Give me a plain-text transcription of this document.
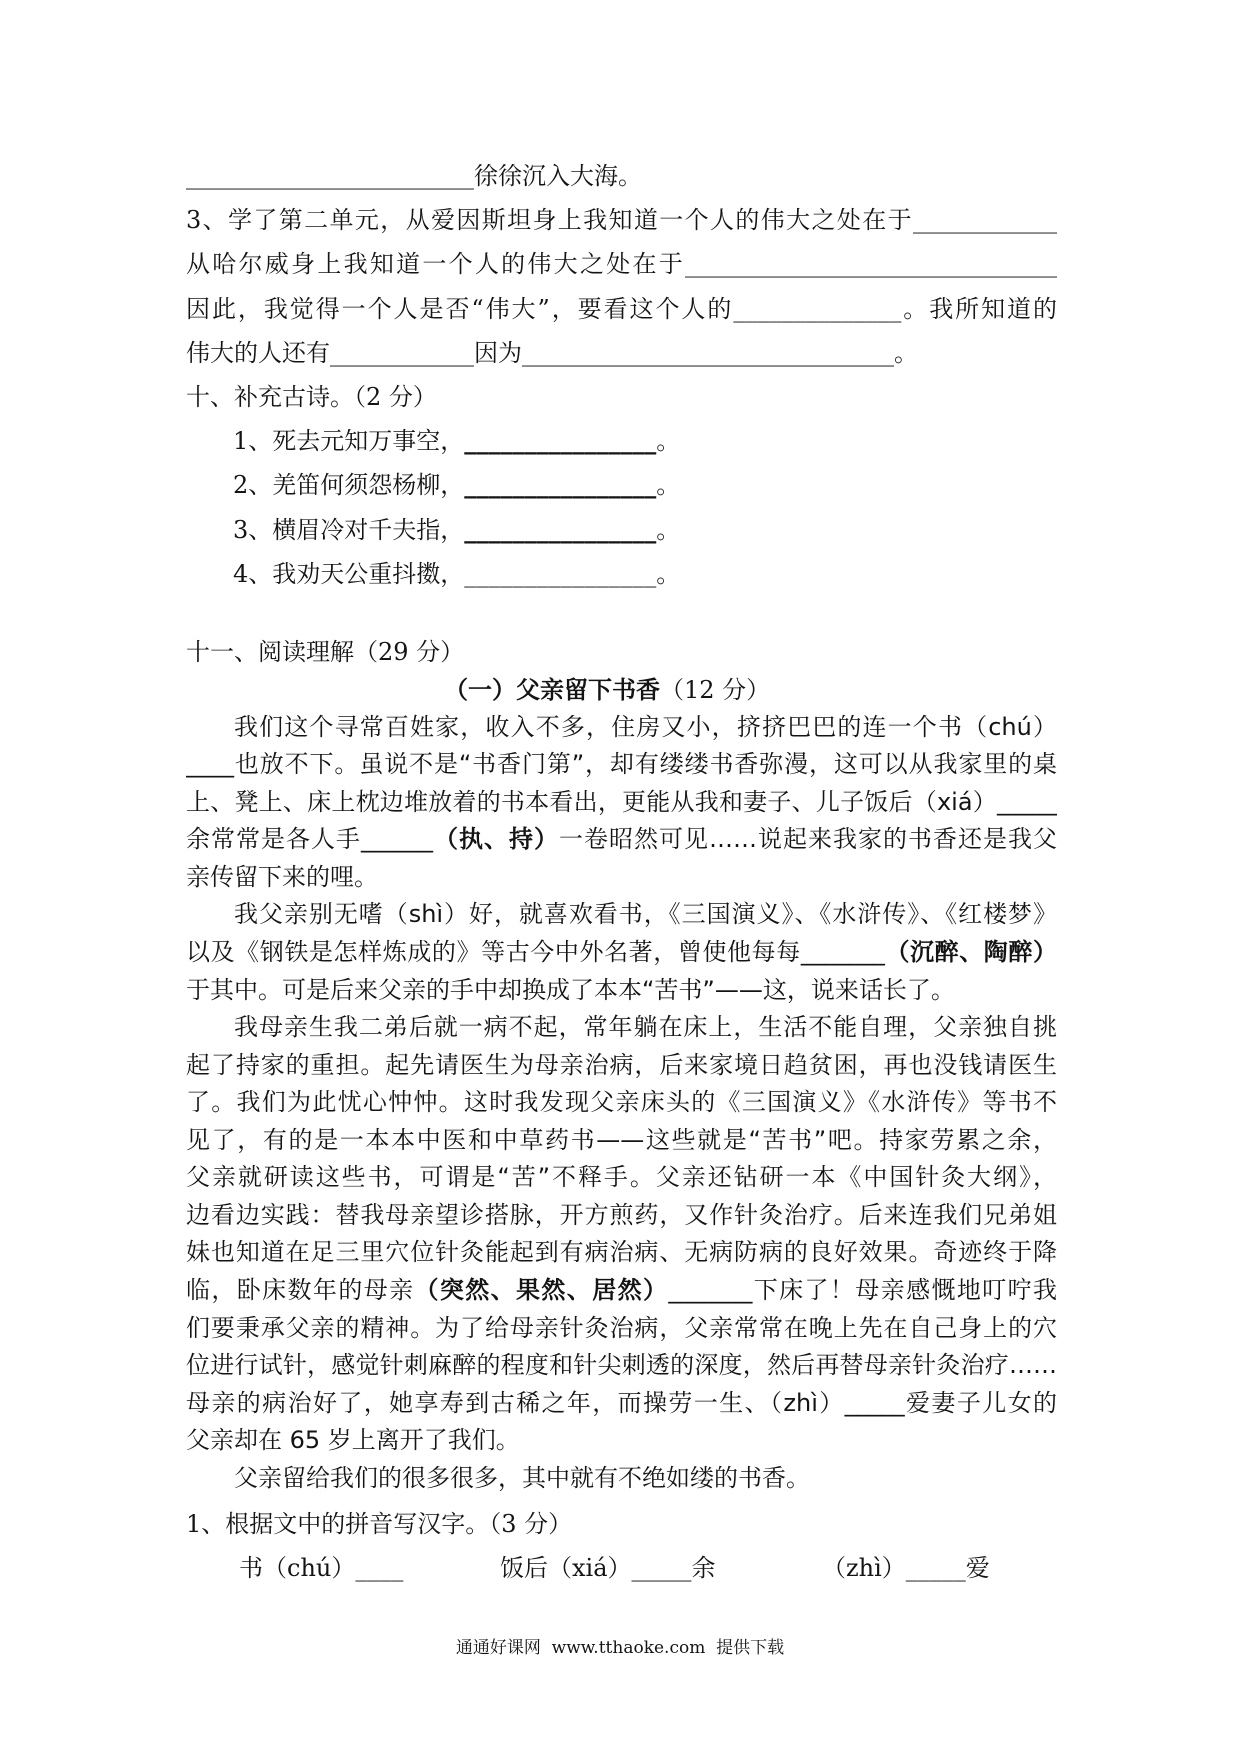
________________________徐徐沉入大海。
3、学了第二单元，从爱因斯坦身上我知道一个人的伟大之处在于____________
从哈尔威身上我知道一个人的伟大之处在于_______________________________
因此，我觉得一个人是否“伟大”，要看这个人的______________。我所知道的
伟大的人还有____________因为_______________________________。
十、补充古诗。（2 分）
1、死去元知万事空，________________。
2、羌笛何须怨杨柳，________________。
3、横眉冷对千夫指，________________。
4、我劝天公重抖擞，________________。
十一、阅读理解（29 分）
（一）父亲留下书香（12 分）
我们这个寻常百姓家，收入不多，住房又小，挤挤巴巴的连一个书（chú）
____也放不下。虽说不是“书香门第”，却有缕缕书香弥漫，这可以从我家里的桌
上、凳上、床上枕边堆放着的书本看出，更能从我和妻子、儿子饭后（xiá）_____
余常常是各人手______（执、持）一卷昭然可见……说起来我家的书香还是我父
亲传留下来的哩。
我父亲别无嗜（shì）好，就喜欢看书，《三国演义》、《水浒传》、《红楼梦》
以及《钢铁是怎样炼成的》等古今中外名著，曾使他每每_______（沉醉、陶醉）
于其中。可是后来父亲的手中却换成了本本“苦书”——这，说来话长了。
我母亲生我二弟后就一病不起，常年躺在床上，生活不能自理，父亲独自挑
起了持家的重担。起先请医生为母亲治病，后来家境日趋贫困，再也没钱请医生
了。我们为此忧心忡忡。这时我发现父亲床头的《三国演义》《水浒传》等书不
见了，有的是一本本中医和中草药书——这些就是“苦书”吧。持家劳累之余，
父亲就研读这些书，可谓是“苦”不释手。父亲还钻研一本《中国针灸大纲》，
边看边实践：替我母亲望诊搭脉，开方煎药，又作针灸治疗。后来连我们兄弟姐
妹也知道在足三里穴位针灸能起到有病治病、无病防病的良好效果。奇迹终于降
临，卧床数年的母亲（突然、果然、居然）_______下床了！母亲感慨地叮咛我
们要秉承父亲的精神。为了给母亲针灸治病，父亲常常在晚上先在自己身上的穴
位进行试针，感觉针刺麻醉的程度和针尖刺透的深度，然后再替母亲针灸治疗……
母亲的病治好了，她享寿到古稀之年，而操劳一生、（zhì）_____爱妻子儿女的
父亲却在 65 岁上离开了我们。
父亲留给我们的很多很多，其中就有不绝如缕的书香。
1、根据文中的拼音写汉字。（3 分）
书（chú）____	饭后（xiá）_____余	（zhì）_____爱
通通好课网  www.tthaoke.com  提供下载
